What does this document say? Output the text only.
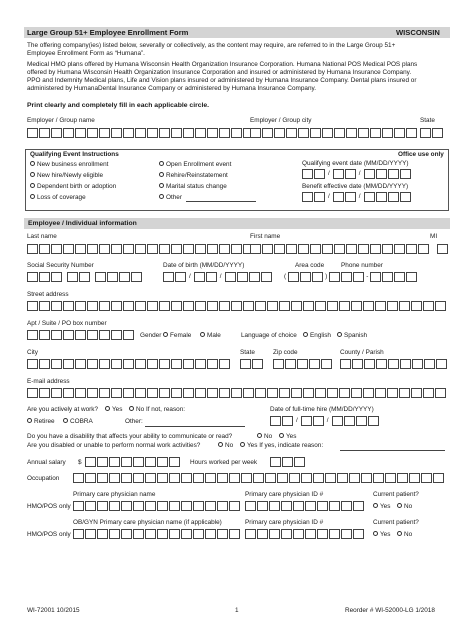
Large Group 51+ Employee Enrollment Form	WISCONSIN
The offering company(ies) listed below, severally or collectively, as the content may require, are referred to in the Large Group 51+
Employee Enrollment Form as “Humana”.
Medical HMO plans offered by Humana Wisconsin Health Organization Insurance Corporation. Humana National POS Medical POS plans
offered by Humana Wisconsin Health Organization Insurance Corporation and insured or administered by Humana Insurance Company.
PPO and Indemnity Medical plans, Life and Vision plans insured or administered by Humana Insurance Company. Dental plans insured or
administered by HumanaDental Insurance Company or administered by Humana Insurance Company.
Print clearly and completely fill in each applicable circle.
Employer / Group name	Employer / Group city	State
Qualifying Event Instructions	Office use only
New business enrollment
New hire/Newly eligible
Dependent birth or adoption
Loss of coverage
Open Enrollment event
Rehire/Reinstatement
Marital status change
Other
Qualifying event date (MM/DD/YYYY)
/	/
Benefit effective date (MM/DD/YYYY)
/	/
Employee / Individual information
Last name	First name	MI
Social Security Number	Date of birth (MM/DD/YYYY)	Area code	Phone number
/	/	(	)	-
Street address
Apt / Suite / PO box number
Gender	Female	Male	Language of choice	English	Spanish
City	State	Zip code	County / Parish
E-mail address
Are you actively at work?	Yes	No If not, reason:
Retiree	COBRA	Other:
Date of full-time hire (MM/DD/YYYY)
/	/
Do you have a disability that affects your ability to communicate or read?	No	Yes
Are you disabled or unable to perform normal work activities?	No	Yes If yes, indicate reason:
Annual salary $	Hours worked per week
Occupation
Primary care physician name	Primary care physician ID #	Current patient?
HMO/POS only	Yes	No
OB/GYN Primary care physician name (if applicable)	Primary care physician ID #	Current patient?
HMO/POS only	Yes	No
WI-72001 10/2015	1	Reorder # WI-52000-LG 1/2018
